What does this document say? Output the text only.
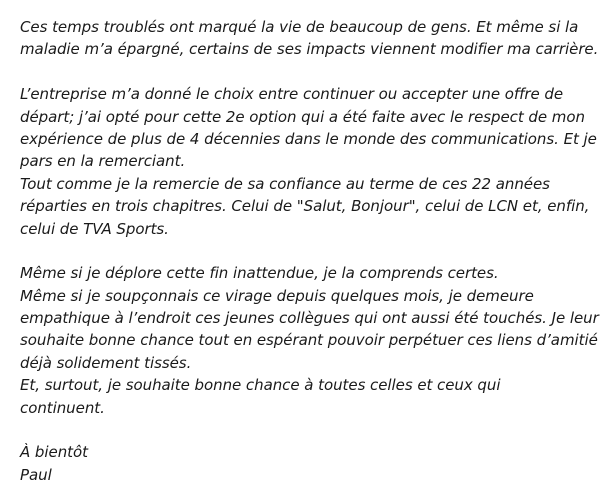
Ces temps troublés ont marqué la vie de beaucoup de gens. Et même si la
maladie m’a épargné, certains de ses impacts viennent modifier ma carrière.
L’entreprise m’a donné le choix entre continuer ou accepter une offre de
départ; j’ai opté pour cette 2e option qui a été faite avec le respect de mon
expérience de plus de 4 décennies dans le monde des communications. Et je
pars en la remerciant.
Tout comme je la remercie de sa confiance au terme de ces 22 années
réparties en trois chapitres. Celui de "Salut, Bonjour", celui de LCN et, enfin,
celui de TVA Sports.
Même si je déplore cette fin inattendue, je la comprends certes.
Même si je soupçonnais ce virage depuis quelques mois, je demeure
empathique à l’endroit ces jeunes collègues qui ont aussi été touchés. Je leur
souhaite bonne chance tout en espérant pouvoir perpétuer ces liens d’amitié
déjà solidement tissés.
Et, surtout, je souhaite bonne chance à toutes celles et ceux qui
continuent.
À bientôt
Paul
